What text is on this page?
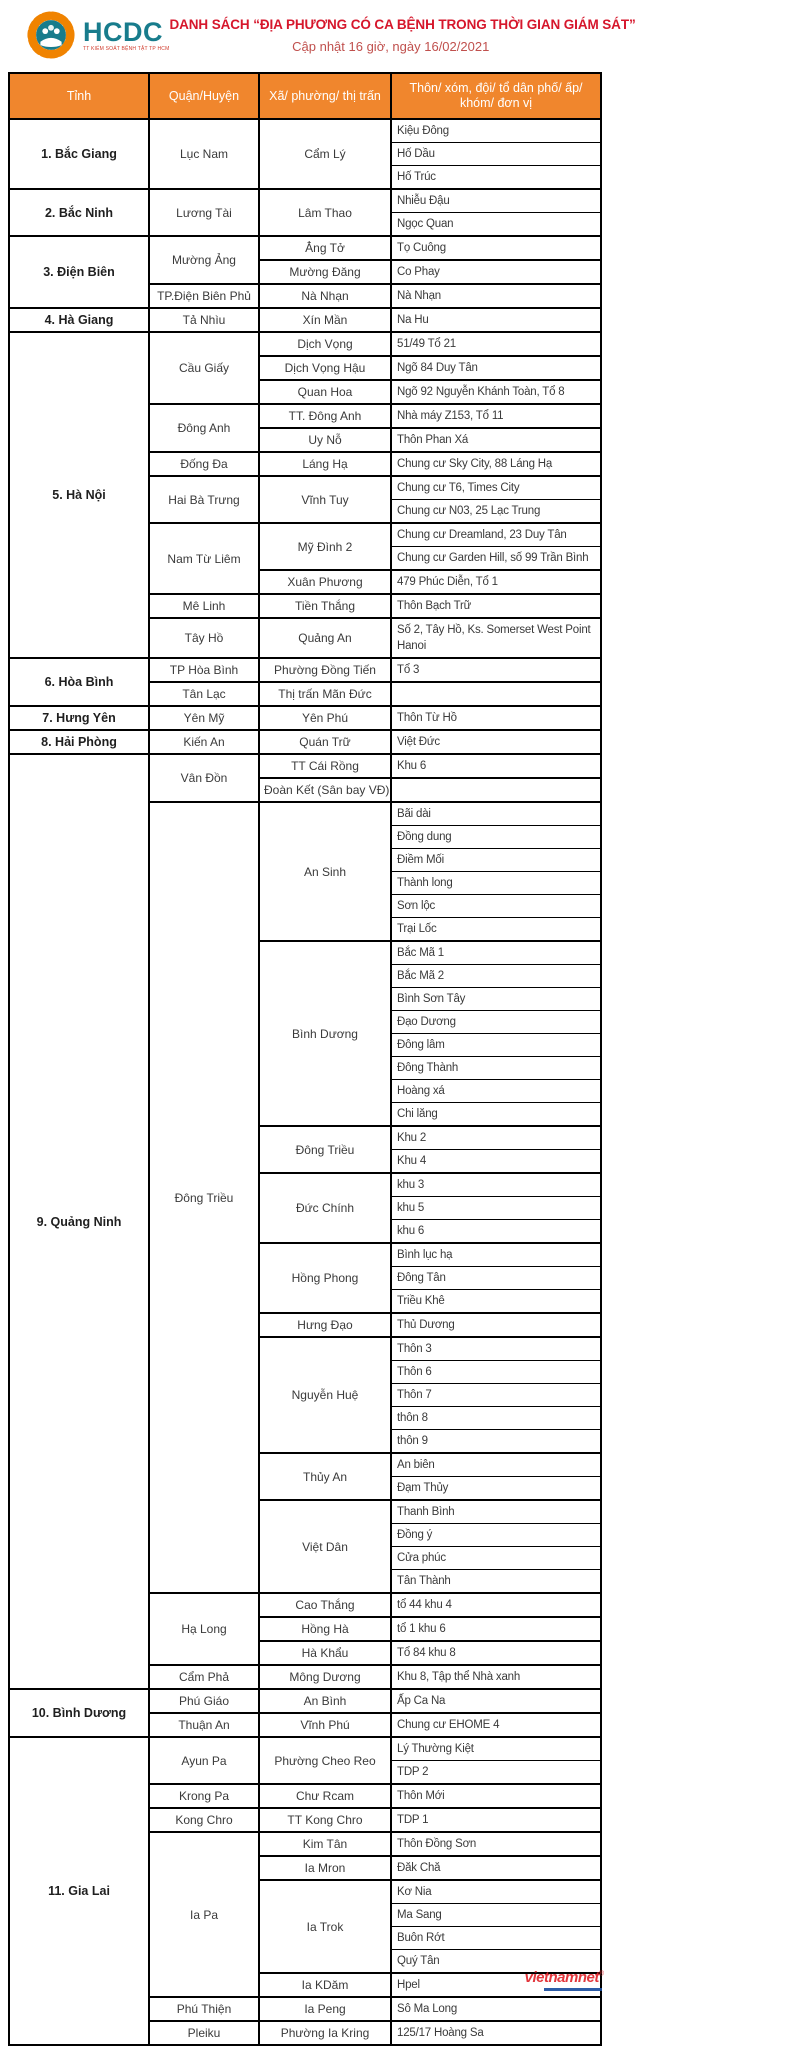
HCDC
TT KIỂM SOÁT BỆNH TẬT TP HCM
DANH SÁCH “ĐỊA PHƯƠNG CÓ CA BỆNH TRONG THỜI GIAN GIÁM SÁT”
Cập nhật 16 giờ, ngày 16/02/2021
Tỉnh	Quận/Huyện	Xã/ phường/ thị trấn	Thôn/ xóm, đội/ tổ dân phố/ ấp/ khóm/ đơn vị
1. Bắc Giang	Lục Nam	Cẩm Lý	Kiệu Đông
			Hố Dầu
			Hố Trúc
2. Bắc Ninh	Lương Tài	Lâm Thao	Nhiễu Đậu
			Ngọc Quan
3. Điện Biên	Mường Ảng	Ẳng Tở	Tọ Cuông
		Mường Đăng	Co Phay
	TP.Điện Biên Phủ	Nà Nhạn	Nà Nhạn
4. Hà Giang	Tả Nhìu	Xín Mần	Na Hu
5. Hà Nội	Cầu Giấy	Dịch Vọng	51/49 Tổ 21
		Dịch Vọng Hậu	Ngõ 84 Duy Tân
		Quan Hoa	Ngõ 92 Nguyễn Khánh Toàn, Tổ 8
	Đông Anh	TT. Đông Anh	Nhà máy Z153, Tổ 11
		Uy Nỗ	Thôn Phan Xá
	Đống Đa	Láng Hạ	Chung cư Sky City, 88 Láng Hạ
	Hai Bà Trưng	Vĩnh Tuy	Chung cư T6, Times City
			Chung cư N03, 25 Lạc Trung
	Nam Từ Liêm	Mỹ Đình 2	Chung cư Dreamland, 23 Duy Tân
			Chung cư Garden Hill, số 99 Trần Bình
		Xuân Phương	479 Phúc Diễn, Tổ 1
	Mê Linh	Tiền Thắng	Thôn Bạch Trữ
	Tây Hồ	Quảng An	Số 2, Tây Hồ, Ks. Somerset West Point Hanoi
6. Hòa Bình	TP Hòa Bình	Phường Đồng Tiến	Tổ 3
	Tân Lạc	Thị trấn Mãn Đức	
7. Hưng Yên	Yên Mỹ	Yên Phú	Thôn Từ Hồ
8. Hải Phòng	Kiến An	Quán Trữ	Việt Đức
9. Quảng Ninh	Vân Đồn	TT Cái Rồng	Khu 6
		Đoàn Kết (Sân bay VĐ)	
	Đông Triều	An Sinh	Bãi dài
			Đồng dung
			Điềm Mối
			Thành long
			Sơn lộc
			Trại Lốc
		Bình Dương	Bắc Mã 1
			Bắc Mã 2
			Bình Sơn Tây
			Đạo Dương
			Đông lâm
			Đông Thành
			Hoàng xá
			Chi lăng
		Đông Triều	Khu 2
			Khu 4
		Đức Chính	khu 3
			khu 5
			khu 6
		Hồng Phong	Bình lục hạ
			Đông Tân
			Triều Khê
		Hưng Đạo	Thủ Dương
		Nguyễn Huệ	Thôn 3
			Thôn 6
			Thôn 7
			thôn 8
			thôn 9
		Thủy An	An biên
			Đạm Thủy
		Việt Dân	Thanh Bình
			Đồng ý
			Cửa phúc
			Tân Thành
	Hạ Long	Cao Thắng	tổ 44 khu 4
		Hồng Hà	tổ 1 khu 6
		Hà Khẩu	Tổ 84 khu 8
	Cẩm Phả	Mông Dương	Khu 8, Tập thể Nhà xanh
10. Bình Dương	Phú Giáo	An Bình	Ấp Ca Na
	Thuận An	Vĩnh Phú	Chung cư EHOME 4
11. Gia Lai	Ayun Pa	Phường Cheo Reo	Lý Thường Kiệt
			TDP 2
	Krong Pa	Chư Rcam	Thôn Mới
	Kong Chro	TT Kong Chro	TDP 1
	Ia Pa	Kim Tân	Thôn Đồng Sơn
		Ia Mron	Đăk Chă
		Ia Trok	Kơ Nia
			Ma Sang
			Buôn Rớt
			Quý Tân
		Ia KDăm	Hpel
	Phú Thiện	Ia Peng	Sô Ma Long
	Pleiku	Phường Ia Kring	125/17 Hoàng Sa
vietnamnet®
